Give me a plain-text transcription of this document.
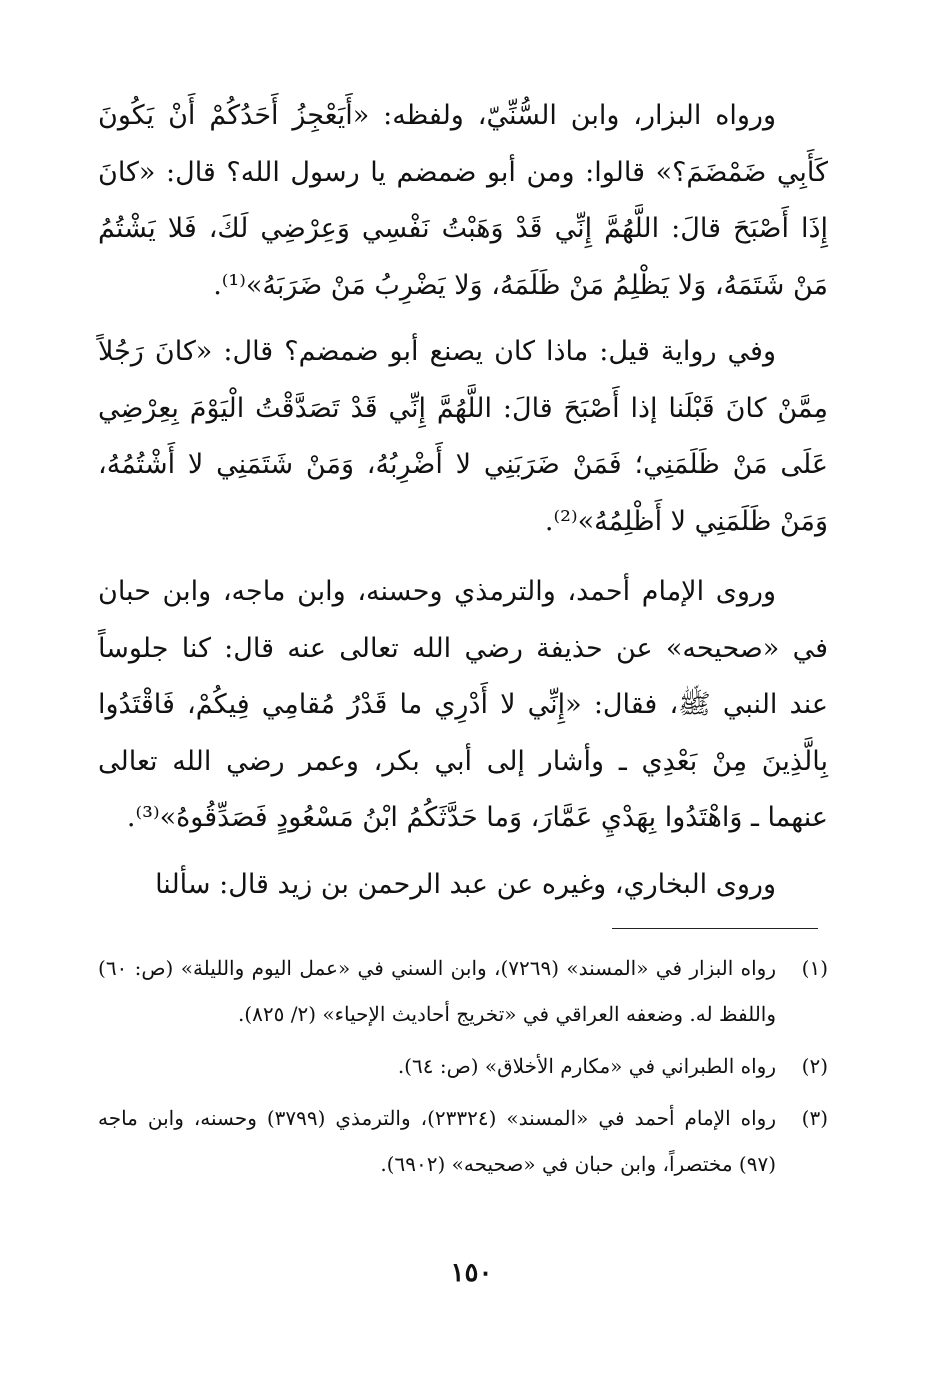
ورواه البزار، وابن السُّنِّيّ، ولفظه: «أَيَعْجِزُ أَحَدُكُمْ أَنْ يَكُونَ كَأَبِي ضَمْضَمَ؟» قالوا: ومن أبو ضمضم يا رسول الله؟ قال: «كانَ إِذَا أَصْبَحَ قالَ: اللَّهُمَّ إِنِّي قَدْ وَهَبْتُ نَفْسِي وَعِرْضِي لَكَ، فَلا يَشْتُمُ مَنْ شَتَمَهُ، وَلا يَظْلِمُ مَنْ ظَلَمَهُ، وَلا يَضْرِبُ مَنْ ضَرَبَهُ»⁽¹⁾.

وفي رواية قيل: ماذا كان يصنع أبو ضمضم؟ قال: «كانَ رَجُلاً مِمَّنْ كانَ قَبْلَنا إذا أَصْبَحَ قالَ: اللَّهُمَّ إِنِّي قَدْ تَصَدَّقْتُ الْيَوْمَ بِعِرْضِي عَلَى مَنْ ظَلَمَنِي؛ فَمَنْ ضَرَبَنِي لا أَضْرِبُهُ، وَمَنْ شَتَمَنِي لا أَشْتُمُهُ، وَمَنْ ظَلَمَنِي لا أَظْلِمُهُ»⁽²⁾.

وروى الإمام أحمد، والترمذي وحسنه، وابن ماجه، وابن حبان في «صحيحه» عن حذيفة رضي الله تعالى عنه قال: كنا جلوساً عند النبي ﷺ، فقال: «إِنِّي لا أَدْرِي ما قَدْرُ مُقامِي فِيكُمْ، فَاقْتَدُوا بِالَّذِينَ مِنْ بَعْدِي ـ وأشار إلى أبي بكر، وعمر رضي الله تعالى عنهما ـ وَاهْتَدُوا بِهَدْيِ عَمَّارَ، وَما حَدَّثَكُمُ ابْنُ مَسْعُودٍ فَصَدِّقُوهُ»⁽³⁾.

وروى البخاري، وغيره عن عبد الرحمن بن زيد قال: سألنا

(١)
رواه البزار في «المسند» (٧٢٦٩)، وابن السني في «عمل اليوم والليلة» (ص: ٦٠) واللفظ له. وضعفه العراقي في «تخريج أحاديث الإحياء» (٢/ ٨٢٥).
(٢)
رواه الطبراني في «مكارم الأخلاق» (ص: ٦٤).
(٣)
رواه الإمام أحمد في «المسند» (٢٣٣٢٤)، والترمذي (٣٧٩٩) وحسنه، وابن ماجه (٩٧) مختصراً، وابن حبان في «صحيحه» (٦٩٠٢).
١٥٠
